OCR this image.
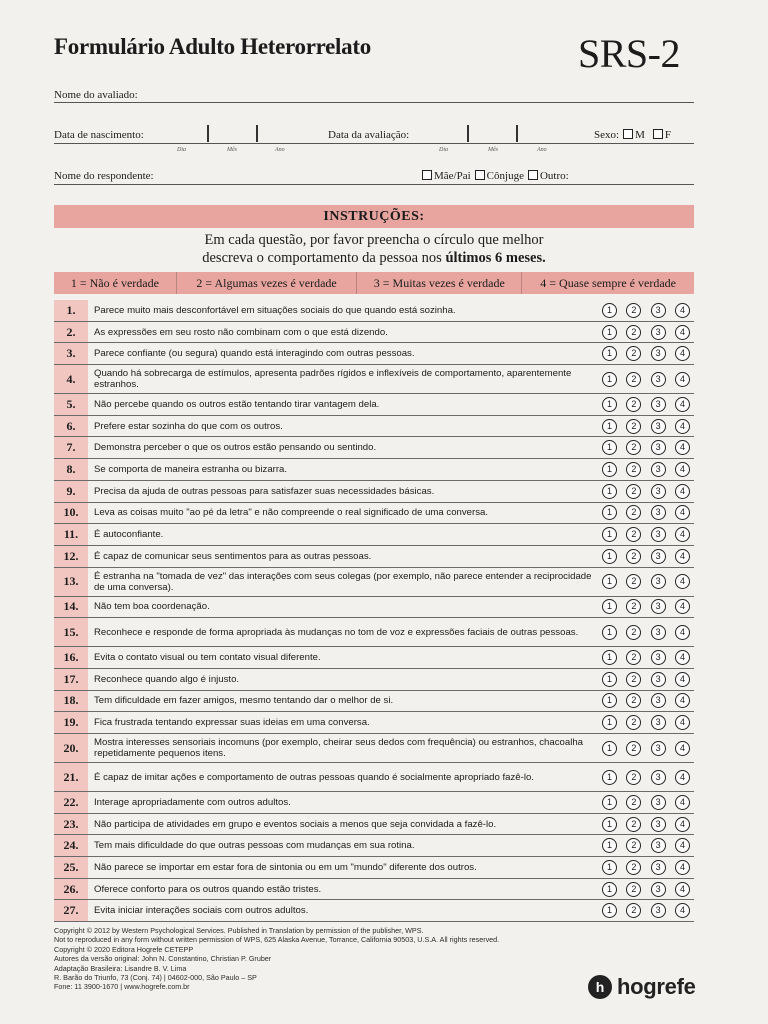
Formulário Adulto Heterorrelato	SRS-2
Nome do avaliado:
Data de nascimento:	Data da avaliação:	Sexo: M F
Dia	Mês	Ano	Dia	Mês	Ano
Nome do respondente:	Mãe/Pai Cônjuge Outro:
INSTRUÇÕES:
Em cada questão, por favor preencha o círculo que melhor
descreva o comportamento da pessoa nos últimos 6 meses.
1 = Não é verdade	2 = Algumas vezes é verdade	3 = Muitas vezes é verdade	4 = Quase sempre é verdade
1.	Parece muito mais desconfortável em situações sociais do que quando está sozinha.	1	2	3	4
2.	As expressões em seu rosto não combinam com o que está dizendo.	1	2	3	4
3.	Parece confiante (ou segura) quando está interagindo com outras pessoas.	1	2	3	4
4.	Quando há sobrecarga de estímulos, apresenta padrões rígidos e inflexíveis de comportamento, aparentemente estranhos.
1	2	3	4
5.	Não percebe quando os outros estão tentando tirar vantagem dela.	1	2	3	4
6.	Prefere estar sozinha do que com os outros.	1	2	3	4
7.	Demonstra perceber o que os outros estão pensando ou sentindo.	1	2	3	4
8.	Se comporta de maneira estranha ou bizarra.	1	2	3	4
9.	Precisa da ajuda de outras pessoas para satisfazer suas necessidades básicas.	1	2	3	4
10.	Leva as coisas muito "ao pé da letra" e não compreende o real significado de uma conversa.	1	2	3	4
11.	É autoconfiante.	1	2	3	4
12.	É capaz de comunicar seus sentimentos para as outras pessoas.	1	2	3	4
13.	É estranha na "tomada de vez" das interações com seus colegas (por exemplo, não parece entender a reciprocidade de uma conversa).
1	2	3	4
14.	Não tem boa coordenação.	1	2	3	4
15.	Reconhece e responde de forma apropriada às mudanças no tom de voz e expressões faciais de outras pessoas.	1	2	3	4
16.	Evita o contato visual ou tem contato visual diferente.	1	2	3	4
17.	Reconhece quando algo é injusto.	1	2	3	4
18.	Tem dificuldade em fazer amigos, mesmo tentando dar o melhor de si.	1	2	3	4
19.	Fica frustrada tentando expressar suas ideias em uma conversa.	1	2	3	4
20.	Mostra interesses sensoriais incomuns (por exemplo, cheirar seus dedos com frequência) ou estranhos, chacoalha repetidamente pequenos itens.
1	2	3	4
21.	É capaz de imitar ações e comportamento de outras pessoas quando é socialmente apropriado fazê-lo.	1	2	3	4
22.	Interage apropriadamente com outros adultos.	1	2	3	4
23.	Não participa de atividades em grupo e eventos sociais a menos que seja convidada a fazê-lo.	1	2	3	4
24.	Tem mais dificuldade do que outras pessoas com mudanças em sua rotina.	1	2	3	4
25.	Não parece se importar em estar fora de sintonia ou em um "mundo" diferente dos outros.	1	2	3	4
26.	Oferece conforto para os outros quando estão tristes.	1	2	3	4
27.	Evita iniciar interações sociais com outros adultos.	1	2	3	4
Copyright © 2012 by Western Psychological Services. Published in Translation by permission of the publisher, WPS.
Not to reproduced in any form without written permission of WPS, 625 Alaska Avenue, Torrance, California 90503, U.S.A. All rights reserved.
Copyright © 2020 Editora Hogrefe CETEPP
Autores da versão original: John N. Constantino, Christian P. Gruber
Adaptação Brasileira: Lisandre B. V. Lima
R. Barão do Triunfo, 73 (Conj. 74) | 04602-000, São Paulo – SP
Fone: 11 3900-1670 | www.hogrefe.com.br	h hogrefe
